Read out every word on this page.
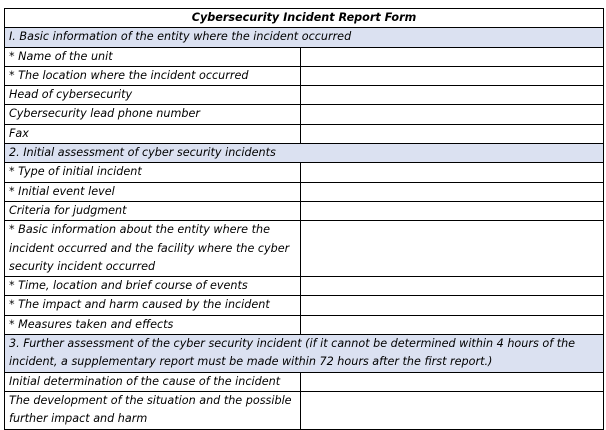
Cybersecurity Incident Report Form	
I. Basic information of the entity where the incident occurred	
* Name of the unit	
* The location where the incident occurred	
Head of cybersecurity	
Cybersecurity lead phone number	
Fax	
2. Initial assessment of cyber security incidents	
* Type of initial incident	
* Initial event level	
Criteria for judgment	
* Basic information about the entity where the incident occurred and the facility where the cyber security incident occurred	
* Time, location and brief course of events	
* The impact and harm caused by the incident	
* Measures taken and effects	
3. Further assessment of the cyber security incident (if it cannot be determined within 4 hours of the incident, a supplementary report must be made within 72 hours after the first report.)	
Initial determination of the cause of the incident	
The development of the situation and the possible further impact and harm	
